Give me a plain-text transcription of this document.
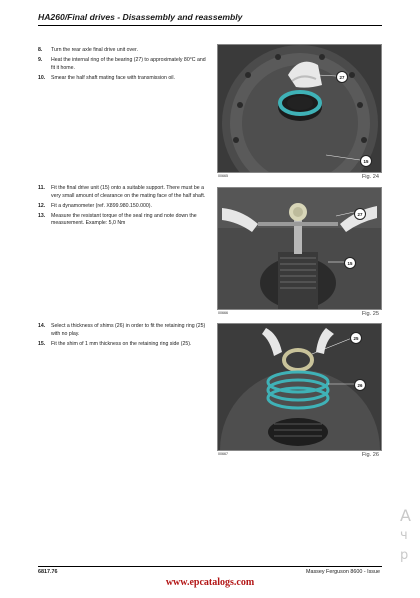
HA260/Final drives - Disassembly and reassembly
8.	Turn the rear axle final drive unit over.
9.	Heat the internal ring of the bearing (27) to approximately 80°C and fit it home.
10.	Smear the half shaft mating face with transmission oil.
11.	Fit the final drive unit (15) onto a suitable support. There must be a very small amount of clearance on the mating face of the half shaft.
12.	Fit a dynamometer (ref. X899.980.150.000).
13.	Measure the resistant torque of the seal ring and note down the measurement. Example: 5,0 Nm
14.	Select a thickness of shims (26) in order to fit the retaining ring (25) with no play.
15.	Fit the shim of 1 mm thickness on the retaining ring side (25).
27
15
00665	Fig. 24
27
15
00666	Fig. 25
25
26
00667	Fig. 26
A
ч
р
6817.76	Massey Ferguson 8600 - Issue
www.epcatalogs.com
